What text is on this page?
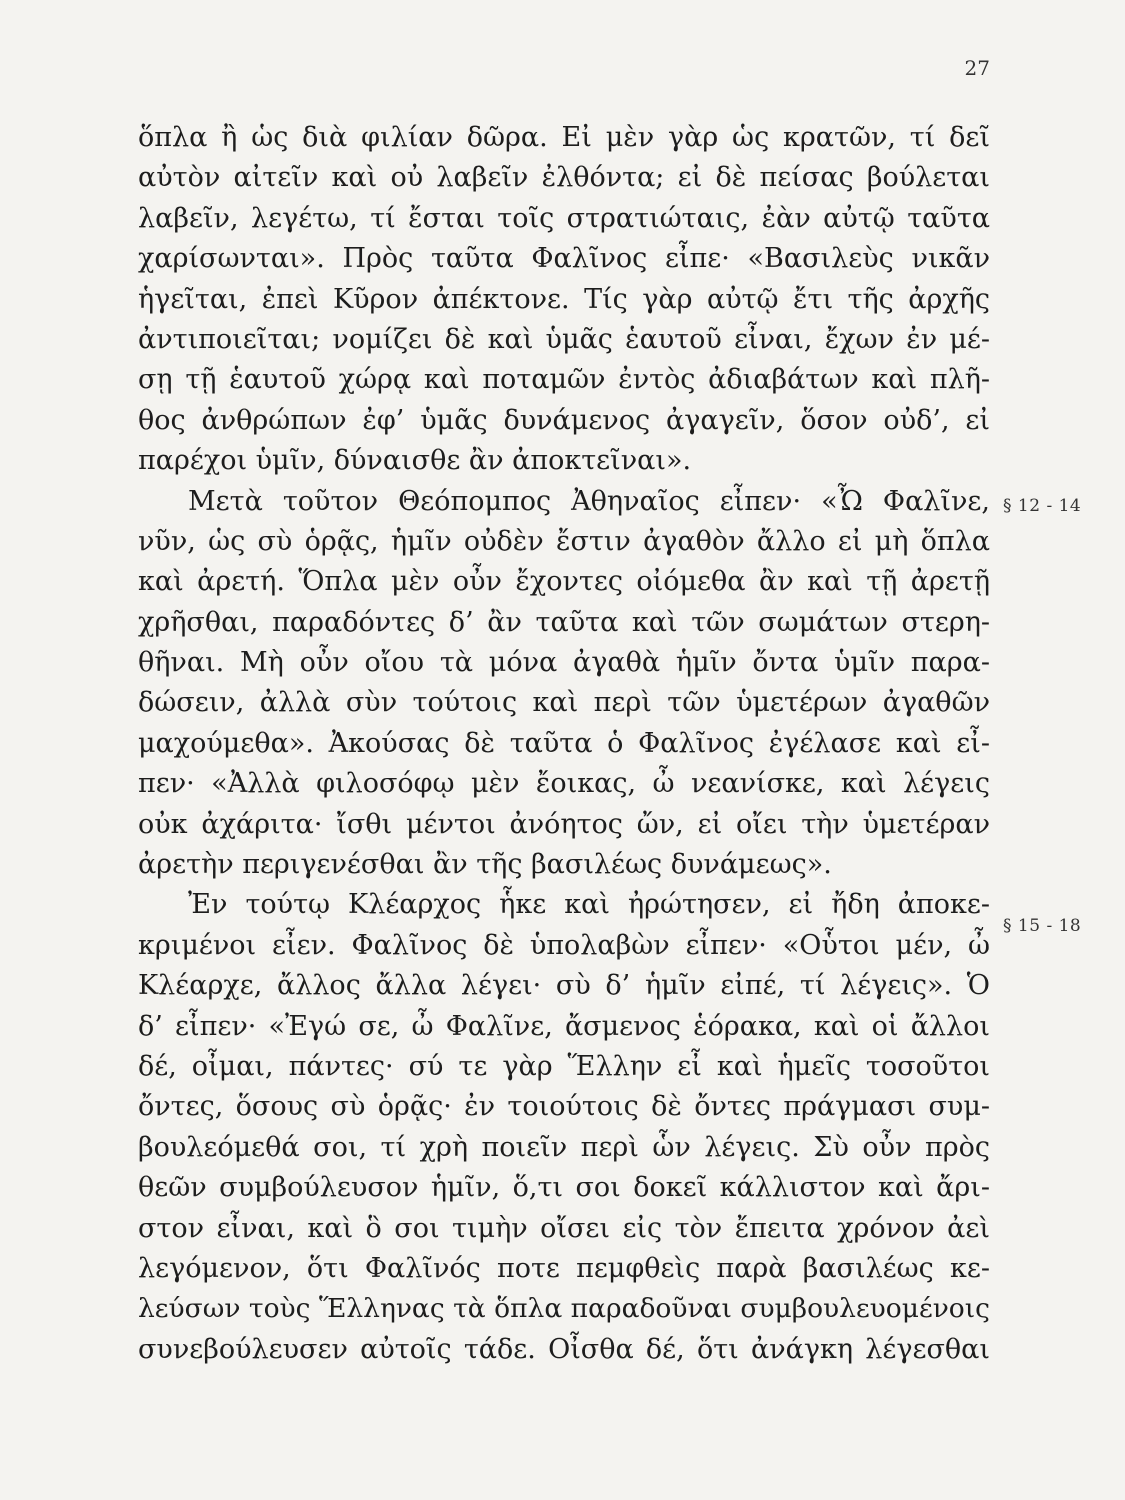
27
§ 12 - 14
§ 15 - 18
ὅπλα ἢ ὡς διὰ φιλίαν δῶρα. Εἰ μὲν γὰρ ὡς κρατῶν, τί δεῖ
αὐτὸν αἰτεῖν καὶ οὐ λαβεῖν ἐλθόντα; εἰ δὲ πείσας βούλεται
λαβεῖν, λεγέτω, τί ἔσται τοῖς στρατιώταις, ἐὰν αὐτῷ ταῦτα
χαρίσωνται». Πρὸς ταῦτα Φαλῖνος εἶπε· «Βασιλεὺς νικᾶν
ἡγεῖται, ἐπεὶ Κῦρον ἀπέκτονε. Τίς γὰρ αὐτῷ ἔτι τῆς ἀρχῆς
ἀντιποιεῖται; νομίζει δὲ καὶ ὑμᾶς ἑαυτοῦ εἶναι, ἔχων ἐν μέ-
σῃ τῇ ἑαυτοῦ χώρᾳ καὶ ποταμῶν ἐντὸς ἀδιαβάτων καὶ πλῆ-
θος ἀνθρώπων ἐφ’ ὑμᾶς δυνάμενος ἀγαγεῖν, ὅσον οὐδ’, εἰ
παρέχοι ὑμῖν, δύναισθε ἂν ἀποκτεῖναι».
Μετὰ τοῦτον Θεόπομπος Ἀθηναῖος εἶπεν· «Ὦ Φαλῖνε,
νῦν, ὡς σὺ ὁρᾷς, ἡμῖν οὐδὲν ἔστιν ἀγαθὸν ἄλλο εἰ μὴ ὅπλα
καὶ ἀρετή. Ὅπλα μὲν οὖν ἔχοντες οἰόμεθα ἂν καὶ τῇ ἀρετῇ
χρῆσθαι, παραδόντες δ’ ἂν ταῦτα καὶ τῶν σωμάτων στερη-
θῆναι. Μὴ οὖν οἴου τὰ μόνα ἀγαθὰ ἡμῖν ὄντα ὑμῖν παρα-
δώσειν, ἀλλὰ σὺν τούτοις καὶ περὶ τῶν ὑμετέρων ἀγαθῶν
μαχούμεθα». Ἀκούσας δὲ ταῦτα ὁ Φαλῖνος ἐγέλασε καὶ εἶ-
πεν· «Ἀλλὰ φιλοσόφῳ μὲν ἔοικας, ὦ νεανίσκε, καὶ λέγεις
οὐκ ἀχάριτα· ἴσθι μέντοι ἀνόητος ὤν, εἰ οἴει τὴν ὑμετέραν
ἀρετὴν περιγενέσθαι ἂν τῆς βασιλέως δυνάμεως».
Ἐν τούτῳ Κλέαρχος ἧκε καὶ ἠρώτησεν, εἰ ἤδη ἀποκε-
κριμένοι εἶεν. Φαλῖνος δὲ ὑπολαβὼν εἶπεν· «Οὗτοι μέν, ὦ
Κλέαρχε, ἄλλος ἄλλα λέγει· σὺ δ’ ἡμῖν εἰπέ, τί λέγεις». Ὁ
δ’ εἶπεν· «Ἐγώ σε, ὦ Φαλῖνε, ἄσμενος ἑόρακα, καὶ οἱ ἄλλοι
δέ, οἶμαι, πάντες· σύ τε γὰρ Ἕλλην εἶ καὶ ἡμεῖς τοσοῦτοι
ὄντες, ὅσους σὺ ὁρᾷς· ἐν τοιούτοις δὲ ὄντες πράγμασι συμ-
βουλεόμεθά σοι, τί χρὴ ποιεῖν περὶ ὧν λέγεις. Σὺ οὖν πρὸς
θεῶν συμβούλευσον ἡμῖν, ὅ,τι σοι δοκεῖ κάλλιστον καὶ ἄρι-
στον εἶναι, καὶ ὃ σοι τιμὴν οἴσει εἰς τὸν ἔπειτα χρόνον ἀεὶ
λεγόμενον, ὅτι Φαλῖνός ποτε πεμφθεὶς παρὰ βασιλέως κε-
λεύσων τοὺς Ἕλληνας τὰ ὅπλα παραδοῦναι συμβουλευομένοις
συνεβούλευσεν αὐτοῖς τάδε. Οἶσθα δέ, ὅτι ἀνάγκη λέγεσθαι
